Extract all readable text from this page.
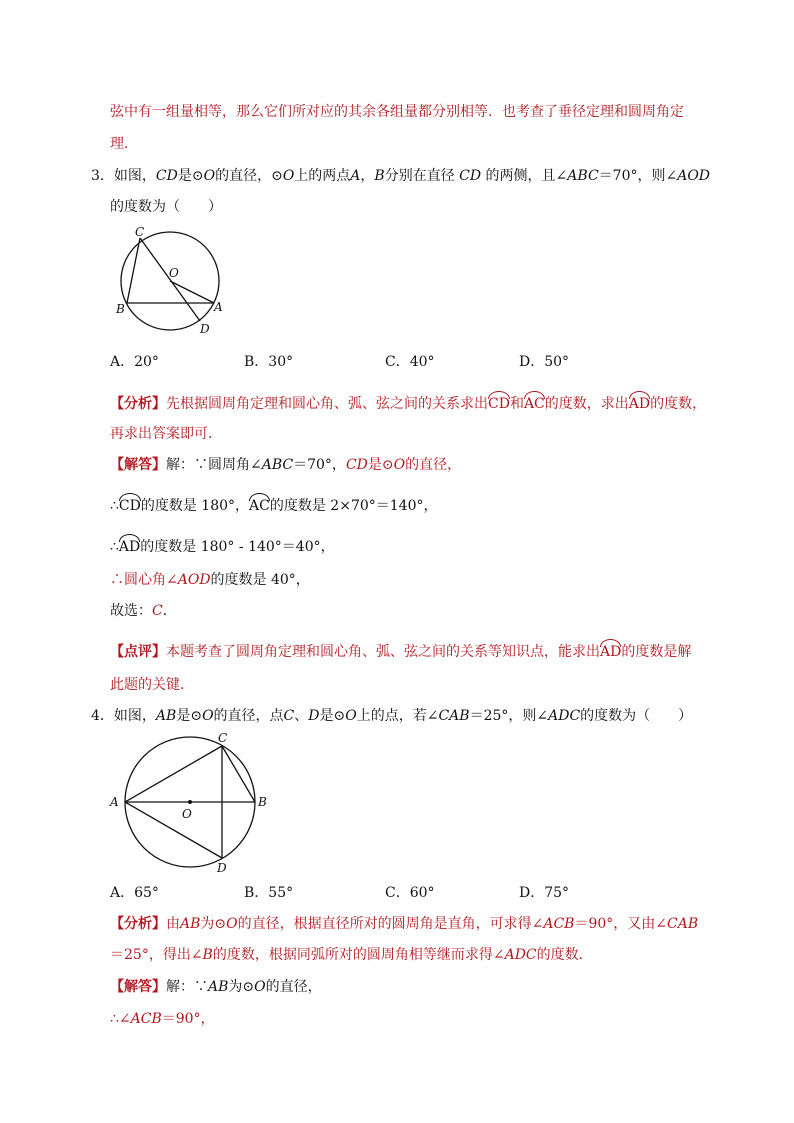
弦中有一组量相等，那么它们所对应的其余各组量都分别相等．也考查了垂径定理和圆周角定
理．
3．如图，CD是⊙O的直径，⊙O上的两点A，B分别在直径 CD 的两侧，且∠ABC＝70°，则∠AOD
的度数为（　　）
C
O
B	A
D
A．20°	B．30°	C．40°	D．50°
【分析】先根据圆周角定理和圆心角、弧、弦之间的关系求出CD和AC的度数，求出AD的度数，
再求出答案即可．
【解答】解：∵圆周角∠ABC＝70°，CD是⊙O的直径，
∴CD的度数是 180°，AC的度数是 2×70°＝140°，
∴AD的度数是 180° - 140°＝40°，
∴圆心角∠AOD的度数是 40°，
故选：C．
【点评】本题考查了圆周角定理和圆心角、弧、弦之间的关系等知识点，能求出AD的度数是解
此题的关键．
4．如图，AB是⊙O的直径，点C、D是⊙O上的点，若∠CAB＝25°，则∠ADC的度数为（　　）
C
A	B
O
D
A．65°	B．55°	C．60°	D．75°
【分析】由AB为⊙O的直径，根据直径所对的圆周角是直角，可求得∠ACB＝90°，又由∠CAB
＝25°，得出∠B的度数，根据同弧所对的圆周角相等继而求得∠ADC的度数．
【解答】解：∵AB为⊙O的直径，
∴∠ACB＝90°，
